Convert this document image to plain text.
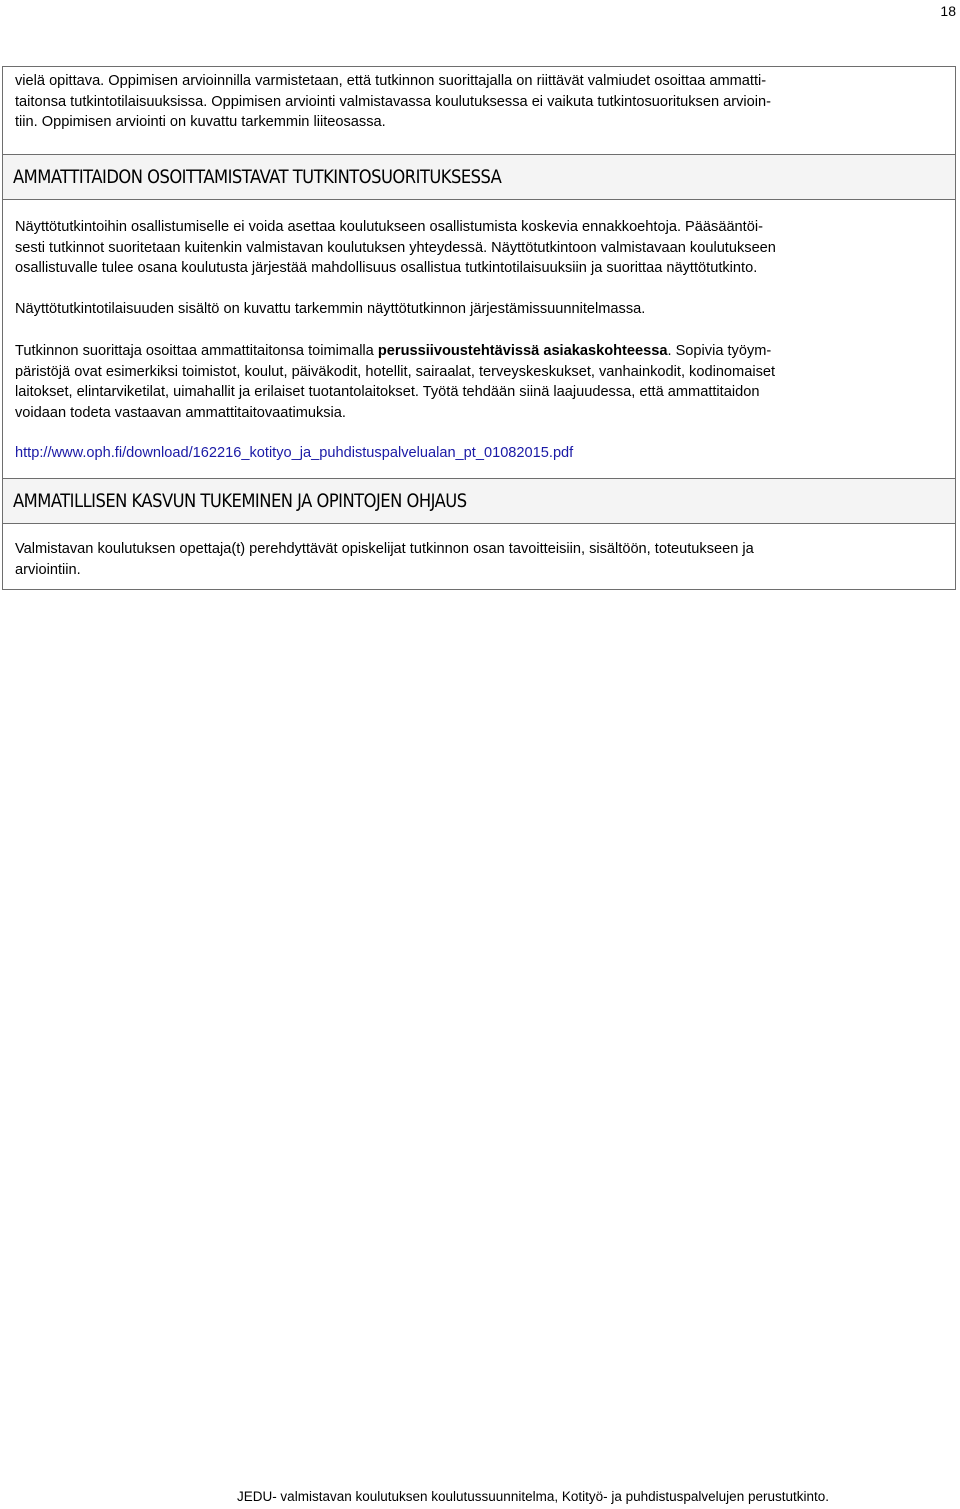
18

vielä opittava. Oppimisen arvioinnilla varmistetaan, että tutkinnon suorittajalla on riittävät valmiudet osoittaa ammatti-
taitonsa tutkintotilaisuuksissa. Oppimisen arviointi valmistavassa koulutuksessa ei vaikuta tutkintosuorituksen arvioin-
tiin. Oppimisen arviointi on kuvattu tarkemmin liiteosassa.

AMMATTITAIDON OSOITTAMISTAVAT TUTKINTOSUORITUKSESSA

Näyttötutkintoihin osallistumiselle ei voida asettaa koulutukseen osallistumista koskevia ennakkoehtoja. Pääsääntöi-
sesti tutkinnot suoritetaan kuitenkin valmistavan koulutuksen yhteydessä. Näyttötutkintoon valmistavaan koulutukseen
osallistuvalle tulee osana koulutusta järjestää mahdollisuus osallistua tutkintotilaisuuksiin ja suorittaa näyttötutkinto.

Näyttötutkintotilaisuuden sisältö on kuvattu tarkemmin näyttötutkinnon järjestämissuunnitelmassa.

Tutkinnon suorittaja osoittaa ammattitaitonsa toimimalla perussiivoustehtävissä asiakaskohteessa. Sopivia työym-
päristöjä ovat esimerkiksi toimistot, koulut, päiväkodit, hotellit, sairaalat, terveyskeskukset, vanhainkodit, kodinomaiset
laitokset, elintarviketilat, uimahallit ja erilaiset tuotantolaitokset. Työtä tehdään siinä laajuudessa, että ammattitaidon
voidaan todeta vastaavan ammattitaitovaatimuksia.

http://www.oph.fi/download/162216_kotityo_ja_puhdistuspalvelualan_pt_01082015.pdf

AMMATILLISEN KASVUN TUKEMINEN JA OPINTOJEN OHJAUS

Valmistavan koulutuksen opettaja(t) perehdyttävät opiskelijat tutkinnon osan tavoitteisiin, sisältöön, toteutukseen ja
arviointiin.

JEDU- valmistavan koulutuksen koulutussuunnitelma, Kotityö- ja puhdistuspalvelujen perustutkinto.
